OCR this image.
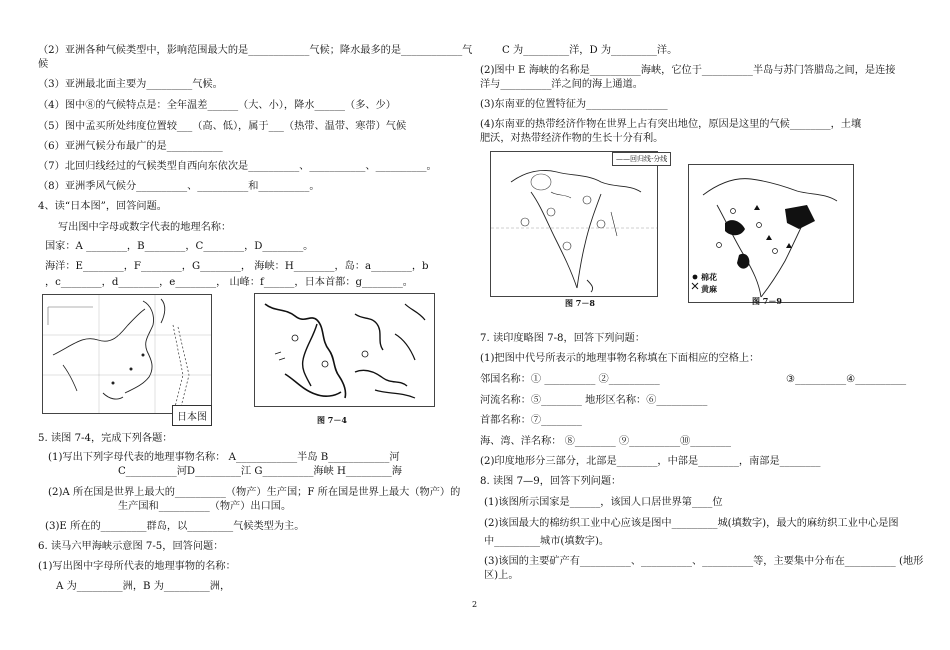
（2）亚洲各种气候类型中，影响范围最大的是____________气候；降水最多的是____________气
候
（3）亚洲最北面主要为_________气候。
（4）图中⑧的气候特点是：全年温差______（大、小），降水______（多、少）
（5）图中孟买所处纬度位置较___（高、低），属于___（热带、温带、寒带）气候
（6）亚洲气候分布最广的是___________
（7）北回归线经过的气候类型自西向东依次是__________、___________、__________。
（8）亚洲季风气候分__________、__________和__________。
4、读“日本图”，回答问题。
写出图中字母或数字代表的地理名称：
国家：A ________，B________，C________，D________。
海洋：E________，F________，G________， 海峡：H________，岛：a________，b
，c________，d________，e________， 山峰：f______，日本首都：g________。
日本图	图 7－4
5. 读图 7-4，完成下列各题：
(1)写出下列字母代表的地理事物名称： A____________半岛 B____________河
C__________河D_________江 G__________海峡 H_________海
(2)A 所在国是世界上最大的__________（物产）生产国；F 所在国是世界上最大（物产）的
生产国和__________（物产）出口国。
(3)E 所在的_________群岛，以_________气候类型为主。
6. 读马六甲海峡示意图 7-5，回答问题：
(1)写出图中字母所代表的地理事物的名称：
A 为_________洲，B 为_________洲，
C 为_________洋，D 为_________洋。
(2)图中 E 海峡的名称是__________海峡，它位于__________半岛与苏门答腊岛之间，是连接
洋与__________洋之间的海上通道。
(3)东南亚的位置特征为________________
(4)东南亚的热带经济作物在世界上占有突出地位，原因是这里的气候________，土壤
肥沃，对热带经济作物的生长十分有利。
——回归线·分线
图 7－8
棉花
黄麻
图 7－9
7. 读印度略图 7-8，回答下列问题：
(1)把图中代号所表示的地理事物名称填在下面相应的空格上：
邻国名称：① __________ ②__________	③__________④__________
河流名称：⑤________ 地形区名称：⑥__________
首都名称：⑦________
海、湾、洋名称： ⑧________ ⑨__________⑩________
(2)印度地形分三部分，北部是________，中部是________，南部是________
8. 读图 7—9，回答下列问题：
(1)该图所示国家是______，该国人口居世界第____位
(2)该国最大的棉纺织工业中心应该是图中_________城(填数字)，最大的麻纺织工业中心是图
中_________城市(填数字)。
(3)该国的主要矿产有__________、__________、__________等，主要集中分布在__________ (地形
区)上。
2
